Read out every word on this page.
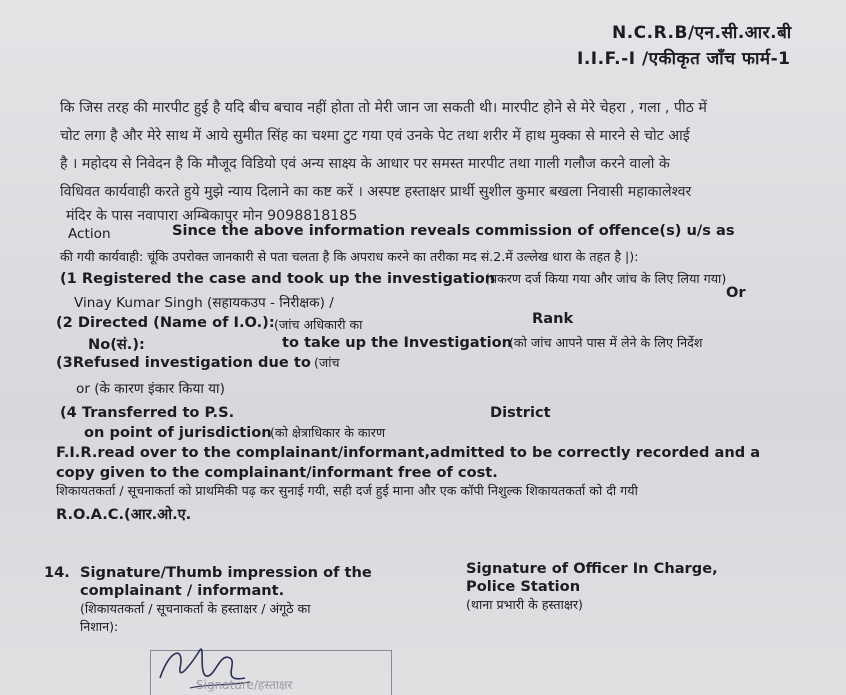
N.C.R.B/एन.सी.आर.बी
I.I.F.-I /एकीकृत जाँच फार्म-1
कि जिस तरह की मारपीट हुई है यदि बीच बचाव नहीं होता तो मेरी जान जा सकती थी। मारपीट होने से मेरे चेहरा , गला , पीठ में
चोट लगा है और मेरे साथ में आये सुमीत सिंह का चश्मा टुट गया एवं उनके पेट तथा शरीर में हाथ मुक्का से मारने से चोट आई
है । महोदय से निवेदन है कि मौजूद विडियो एवं अन्य साक्ष्य के आधार पर समस्त मारपीट तथा गाली गलौज करने वालो के
विधिवत कार्यवाही करते हुये मुझे न्याय दिलाने का कष्ट करें । अस्पष्ट हस्ताक्षर प्रार्थी सुशील कुमार बखला निवासी महाकालेश्वर
मंदिर के पास नवापारा अम्बिकापुर मोन 9098818185
Action	Since the above information reveals commission of offence(s) u/s as
की गयी कार्यवाही: चूंकि उपरोक्त जानकारी से पता चलता है कि अपराध करने का तरीका मद सं.2.में उल्लेख धारा के तहत है |):
(1 Registered the case and took up the investigation
(प्रकरण दर्ज किया गया और जांच के लिए लिया गया)
Vinay Kumar Singh (सहायकउप - निरीक्षक) /
Or
(2 Directed (Name of I.O.): (जांच अधिकारी का	Rank
No(सं.):	to take up the Investigation
(को जांच आपने पास में लेने के लिए निर्देश
(3Refused investigation due to (जांच
or (के कारण इंकार किया या)
(4 Transferred to P.S.	District
on point of jurisdiction
(को क्षेत्राधिकार के कारण
F.I.R.read over to the complainant/informant,admitted to be correctly recorded and a
copy given to the complainant/informant free of cost.
शिकायतकर्ता / सूचनाकर्ता को प्राथमिकी पढ़ कर सुनाई गयी, सही दर्ज हुई माना और एक कॉपी निशुल्क शिकायतकर्ता को दी गयी
R.O.A.C.(आर.ओ.ए.
14. Signature/Thumb impression of the
complainant / informant.
(शिकायतकर्ता / सूचनाकर्ता के हस्ताक्षर / अंगूठे का
निशान):
Signature of Officer In Charge,
Police Station
(थाना प्रभारी के हस्ताक्षर)
Signature/हस्ताक्षर
